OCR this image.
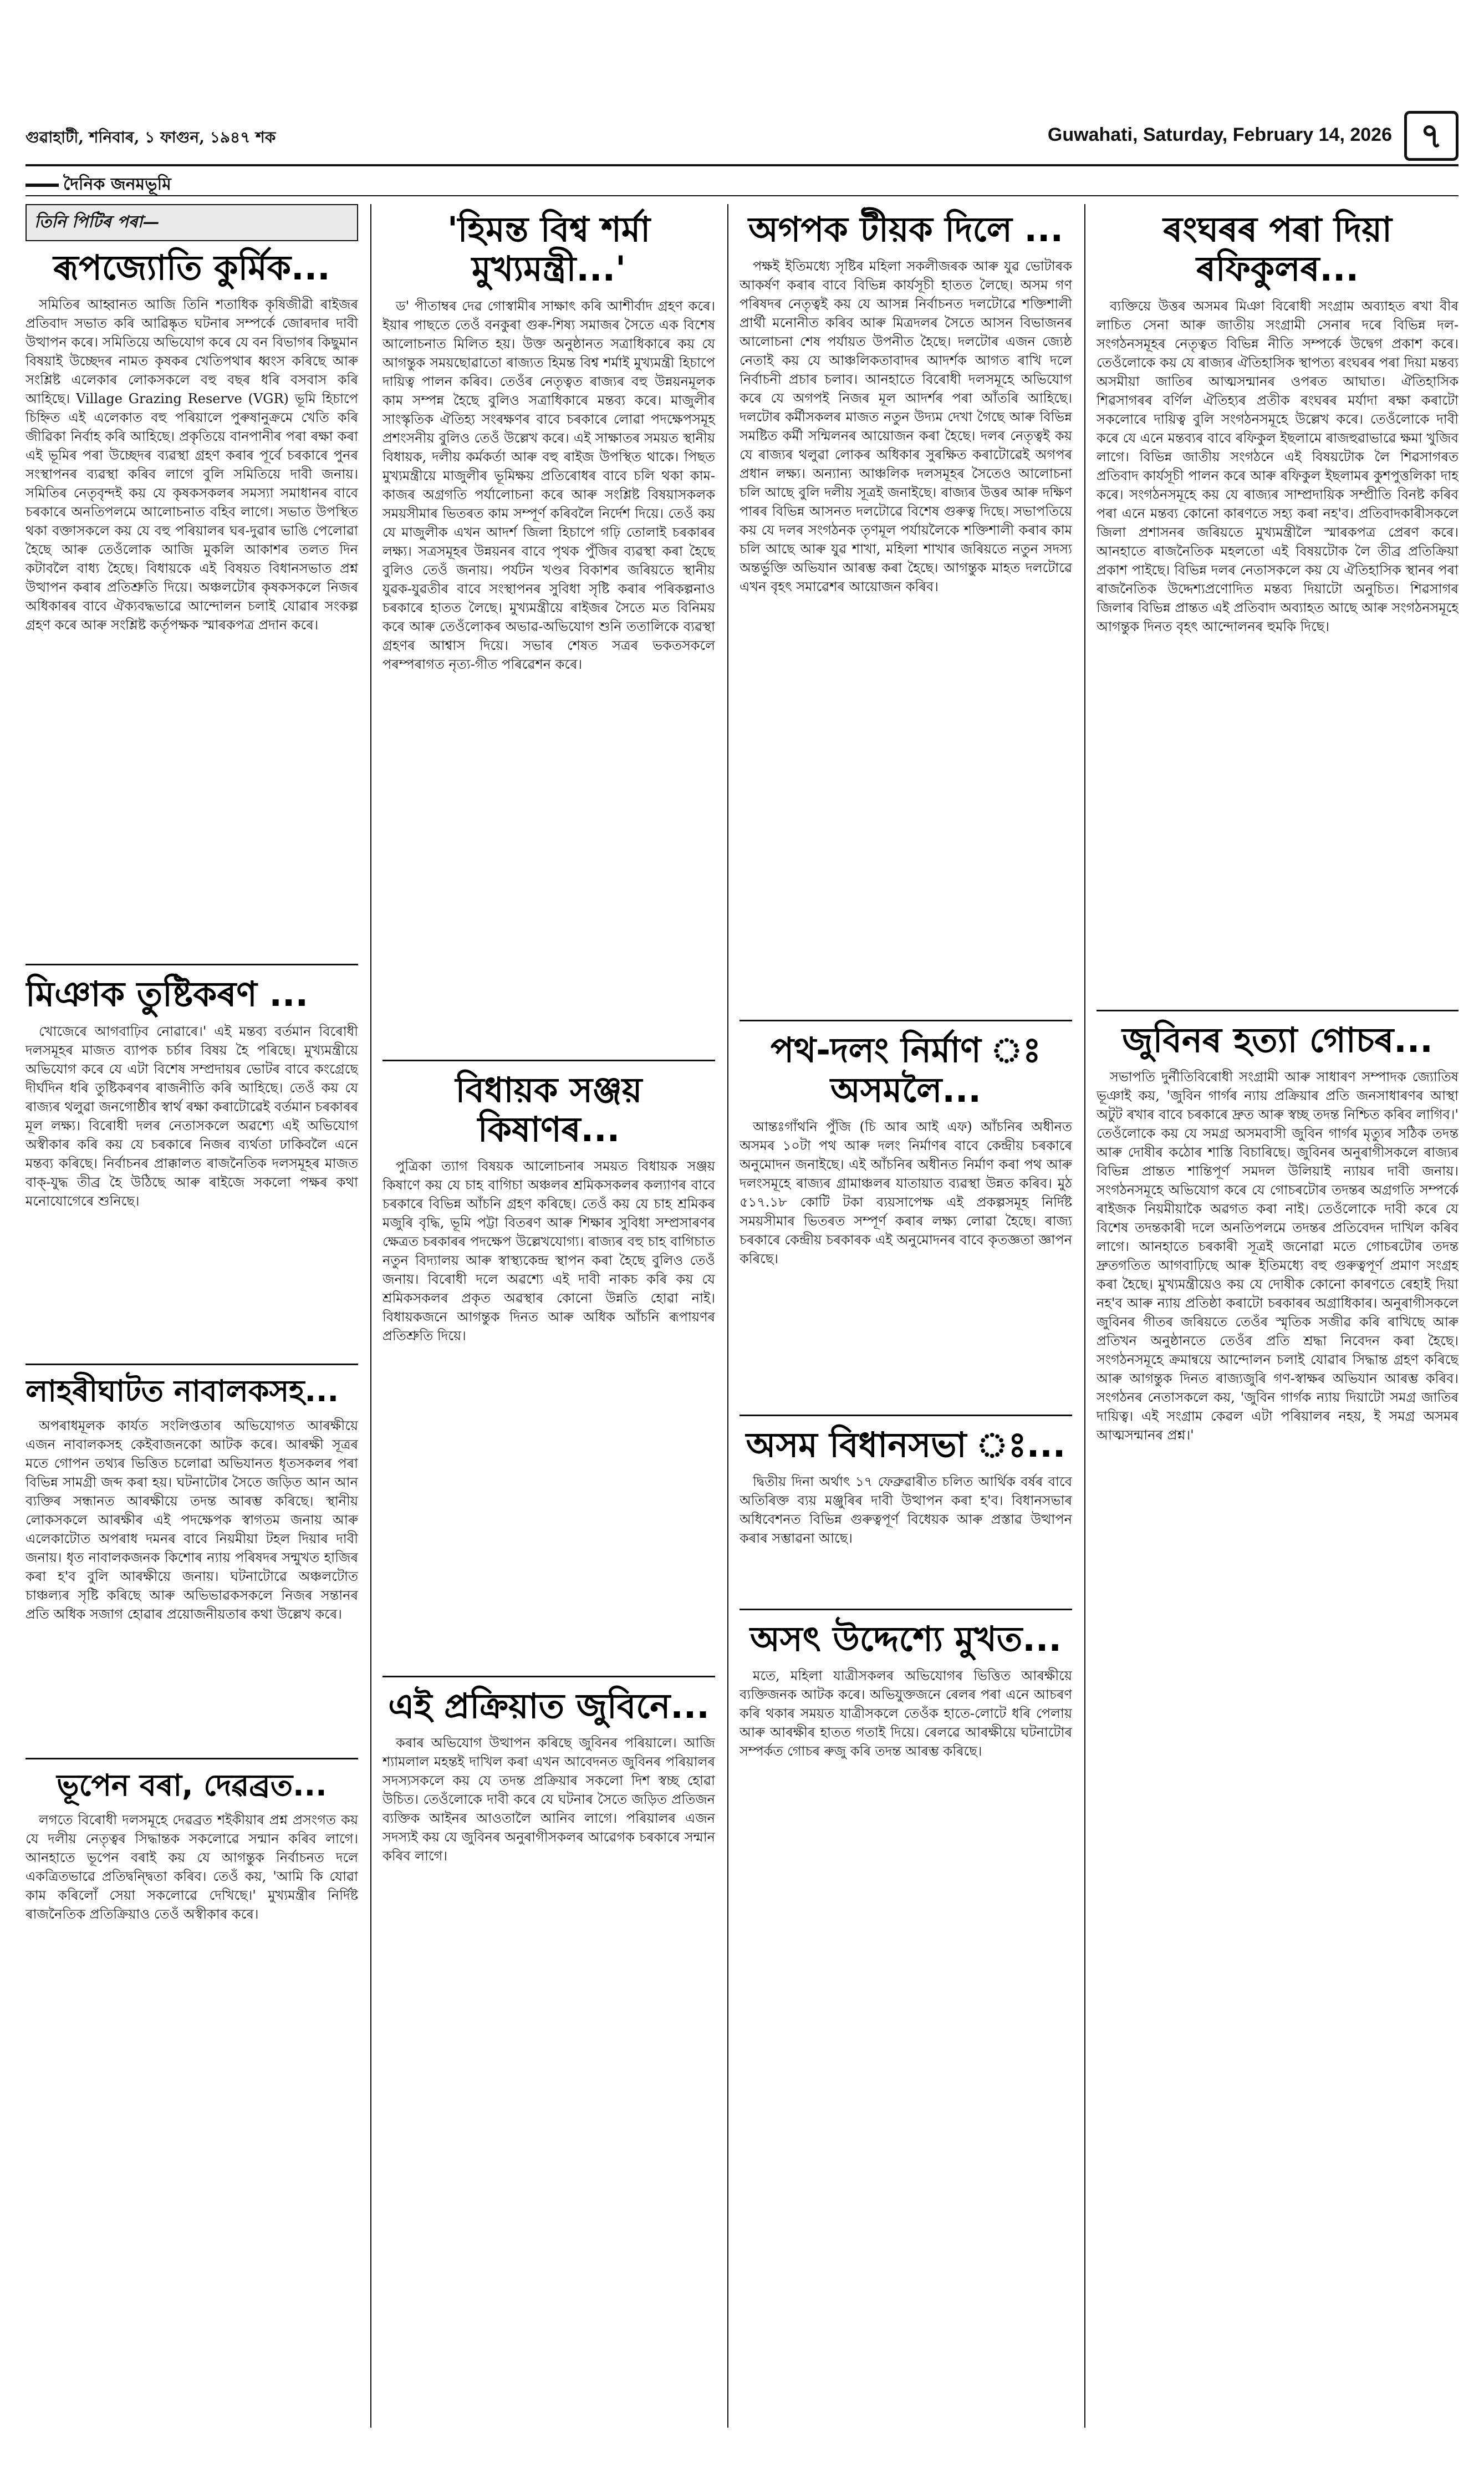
গুৱাহাটী, শনিবাৰ, ১ ফাগুন, ১৯৪৭ শক	Guwahati, Saturday, February 14, 2026 ৭
দৈনিক জনমভূমি
তিনি পিটিৰ পৰা—
ৰূপজ্যোতি কুৰ্মিক...

সমিতিৰ আহ্বানত আজি তিনি শতাধিক কৃষিজীৱী ৰাইজৰ প্ৰতিবাদ সভাত কৰি আৱিষ্কৃত ঘটনাৰ সম্পৰ্কে জোৰদাৰ দাবী উত্থাপন কৰে। সমিতিয়ে অভিযোগ কৰে যে বন বিভাগৰ কিছুমান বিষয়াই উচ্ছেদৰ নামত কৃষকৰ খেতিপথাৰ ধ্বংস কৰিছে আৰু সংশ্লিষ্ট এলেকাৰ লোকসকলে বহু বছৰ ধৰি বসবাস কৰি আহিছে। Village Grazing Reserve (VGR) ভূমি হিচাপে চিহ্নিত এই এলেকাত বহু পৰিয়ালে পুৰুষানুক্ৰমে খেতি কৰি জীৱিকা নিৰ্বাহ কৰি আহিছে। প্ৰকৃতিয়ে বানপানীৰ পৰা ৰক্ষা কৰা এই ভূমিৰ পৰা উচ্ছেদৰ ব্যৱস্থা গ্ৰহণ কৰাৰ পূৰ্বে চৰকাৰে পুনৰ সংস্থাপনৰ ব্যৱস্থা কৰিব লাগে বুলি সমিতিয়ে দাবী জনায়। সমিতিৰ নেতৃবৃন্দই কয় যে কৃষকসকলৰ সমস্যা সমাধানৰ বাবে চৰকাৰে অনতিপলমে আলোচনাত বহিব লাগে। সভাত উপস্থিত থকা বক্তাসকলে কয় যে বহু পৰিয়ালৰ ঘৰ-দুৱাৰ ভাঙি পেলোৱা হৈছে আৰু তেওঁলোক আজি মুকলি আকাশৰ তলত দিন কটাবলৈ বাধ্য হৈছে। বিধায়কে এই বিষয়ত বিধানসভাত প্ৰশ্ন উত্থাপন কৰাৰ প্ৰতিশ্ৰুতি দিয়ে। অঞ্চলটোৰ কৃষকসকলে নিজৰ অধিকাৰৰ বাবে ঐক্যবদ্ধভাৱে আন্দোলন চলাই যোৱাৰ সংকল্প গ্ৰহণ কৰে আৰু সংশ্লিষ্ট কৰ্তৃপক্ষক স্মাৰকপত্ৰ প্ৰদান কৰে।

মিঞাক তুষ্টিকৰণ ...

খোজেৰে আগবাঢ়িব নোৱাৰে।' এই মন্তব্য বৰ্তমান বিৰোধী দলসমূহৰ মাজত ব্যাপক চৰ্চাৰ বিষয় হৈ পৰিছে। মুখ্যমন্ত্ৰীয়ে অভিযোগ কৰে যে এটা বিশেষ সম্প্ৰদায়ৰ ভোটৰ বাবে কংগ্ৰেছে দীৰ্ঘদিন ধৰি তুষ্টিকৰণৰ ৰাজনীতি কৰি আহিছে। তেওঁ কয় যে ৰাজ্যৰ থলুৱা জনগোষ্ঠীৰ স্বাৰ্থ ৰক্ষা কৰাটোৱেই বৰ্তমান চৰকাৰৰ মূল লক্ষ্য। বিৰোধী দলৰ নেতাসকলে অৱশ্যে এই অভিযোগ অস্বীকাৰ কৰি কয় যে চৰকাৰে নিজৰ ব্যৰ্থতা ঢাকিবলৈ এনে মন্তব্য কৰিছে। নিৰ্বাচনৰ প্ৰাক্কালত ৰাজনৈতিক দলসমূহৰ মাজত বাক্-যুদ্ধ তীব্ৰ হৈ উঠিছে আৰু ৰাইজে সকলো পক্ষৰ কথা মনোযোগেৰে শুনিছে।

লাহৰীঘাটত নাবালকসহ...

অপৰাধমূলক কাৰ্যত সংলিপ্ততাৰ অভিযোগত আৰক্ষীয়ে এজন নাবালকসহ কেইবাজনকো আটক কৰে। আৰক্ষী সূত্ৰৰ মতে গোপন তথ্যৰ ভিত্তিত চলোৱা অভিযানত ধৃতসকলৰ পৰা বিভিন্ন সামগ্ৰী জব্দ কৰা হয়। ঘটনাটোৰ সৈতে জড়িত আন আন ব্যক্তিৰ সন্ধানত আৰক্ষীয়ে তদন্ত আৰম্ভ কৰিছে। স্থানীয় লোকসকলে আৰক্ষীৰ এই পদক্ষেপক স্বাগতম জনায় আৰু এলেকাটোত অপৰাধ দমনৰ বাবে নিয়মীয়া টহল দিয়াৰ দাবী জনায়। ধৃত নাবালকজনক কিশোৰ ন্যায় পৰিষদৰ সন্মুখত হাজিৰ কৰা হ'ব বুলি আৰক্ষীয়ে জনায়। ঘটনাটোৱে অঞ্চলটোত চাঞ্চল্যৰ সৃষ্টি কৰিছে আৰু অভিভাৱকসকলে নিজৰ সন্তানৰ প্ৰতি অধিক সজাগ হোৱাৰ প্ৰয়োজনীয়তাৰ কথা উল্লেখ কৰে।

ভূপেন বৰা, দেৱব্ৰত...

লগতে বিৰোধী দলসমূহে দেৱব্ৰত শইকীয়াৰ প্ৰশ্ন প্ৰসংগত কয় যে দলীয় নেতৃত্বৰ সিদ্ধান্তক সকলোৱে সন্মান কৰিব লাগে। আনহাতে ভূপেন বৰাই কয় যে আগন্তুক নিৰ্বাচনত দলে একত্ৰিতভাৱে প্ৰতিদ্বন্দ্বিতা কৰিব। তেওঁ কয়, 'আমি কি যোৱা কাম কৰিলোঁ সেয়া সকলোৱে দেখিছে।' মুখ্যমন্ত্ৰীৰ নিৰ্দিষ্ট ৰাজনৈতিক প্ৰতিক্ৰিয়াও তেওঁ অস্বীকাৰ কৰে।

'হিমন্ত বিশ্ব শৰ্মা মুখ্যমন্ত্ৰী...'

ড' পীতাম্বৰ দেৱ গোস্বামীৰ সাক্ষাৎ কৰি আশীৰ্বাদ গ্ৰহণ কৰে। ইয়াৰ পাছতে তেওঁ বনকুৰা গুৰু-শিষ্য সমাজৰ সৈতে এক বিশেষ আলোচনাত মিলিত হয়। উক্ত অনুষ্ঠানত সত্ৰাধিকাৰে কয় যে আগন্তুক সময়ছোৱাতো ৰাজ্যত হিমন্ত বিশ্ব শৰ্মাই মুখ্যমন্ত্ৰী হিচাপে দায়িত্ব পালন কৰিব। তেওঁৰ নেতৃত্বত ৰাজ্যৰ বহু উন্নয়নমূলক কাম সম্পন্ন হৈছে বুলিও সত্ৰাধিকাৰে মন্তব্য কৰে। মাজুলীৰ সাংস্কৃতিক ঐতিহ্য সংৰক্ষণৰ বাবে চৰকাৰে লোৱা পদক্ষেপসমূহ প্ৰশংসনীয় বুলিও তেওঁ উল্লেখ কৰে। এই সাক্ষাতৰ সময়ত স্থানীয় বিধায়ক, দলীয় কৰ্মকৰ্তা আৰু বহু ৰাইজ উপস্থিত থাকে। পিছত মুখ্যমন্ত্ৰীয়ে মাজুলীৰ ভূমিক্ষয় প্ৰতিৰোধৰ বাবে চলি থকা কাম-কাজৰ অগ্ৰগতি পৰ্যালোচনা কৰে আৰু সংশ্লিষ্ট বিষয়াসকলক সময়সীমাৰ ভিতৰত কাম সম্পূৰ্ণ কৰিবলৈ নিৰ্দেশ দিয়ে। তেওঁ কয় যে মাজুলীক এখন আদৰ্শ জিলা হিচাপে গঢ়ি তোলাই চৰকাৰৰ লক্ষ্য। সত্ৰসমূহৰ উন্নয়নৰ বাবে পৃথক পুঁজিৰ ব্যৱস্থা কৰা হৈছে বুলিও তেওঁ জনায়। পৰ্যটন খণ্ডৰ বিকাশৰ জৰিয়তে স্থানীয় যুৱক-যুৱতীৰ বাবে সংস্থাপনৰ সুবিধা সৃষ্টি কৰাৰ পৰিকল্পনাও চৰকাৰে হাতত লৈছে। মুখ্যমন্ত্ৰীয়ে ৰাইজৰ সৈতে মত বিনিময় কৰে আৰু তেওঁলোকৰ অভাৱ-অভিযোগ শুনি ততালিকে ব্যৱস্থা গ্ৰহণৰ আশ্বাস দিয়ে। সভাৰ শেষত সত্ৰৰ ভকতসকলে পৰম্পৰাগত নৃত্য-গীত পৰিৱেশন কৰে।

বিধায়ক সঞ্জয় কিষাণৰ...

পুত্ৰিকা ত্যাগ বিষয়ক আলোচনাৰ সময়ত বিধায়ক সঞ্জয় কিষাণে কয় যে চাহ বাগিচা অঞ্চলৰ শ্ৰমিকসকলৰ কল্যাণৰ বাবে চৰকাৰে বিভিন্ন আঁচনি গ্ৰহণ কৰিছে। তেওঁ কয় যে চাহ শ্ৰমিকৰ মজুৰি বৃদ্ধি, ভূমি পট্টা বিতৰণ আৰু শিক্ষাৰ সুবিধা সম্প্ৰসাৰণৰ ক্ষেত্ৰত চৰকাৰৰ পদক্ষেপ উল্লেখযোগ্য। ৰাজ্যৰ বহু চাহ বাগিচাত নতুন বিদ্যালয় আৰু স্বাস্থ্যকেন্দ্ৰ স্থাপন কৰা হৈছে বুলিও তেওঁ জনায়। বিৰোধী দলে অৱশ্যে এই দাবী নাকচ কৰি কয় যে শ্ৰমিকসকলৰ প্ৰকৃত অৱস্থাৰ কোনো উন্নতি হোৱা নাই। বিধায়কজনে আগন্তুক দিনত আৰু অধিক আঁচনি ৰূপায়ণৰ প্ৰতিশ্ৰুতি দিয়ে।

এই প্ৰক্ৰিয়াত জুবিনে...

কৰাৰ অভিযোগ উত্থাপন কৰিছে জুবিনৰ পৰিয়ালে। আজি শ্যামলাল মহন্তই দাখিল কৰা এখন আবেদনত জুবিনৰ পৰিয়ালৰ সদস্যসকলে কয় যে তদন্ত প্ৰক্ৰিয়াৰ সকলো দিশ স্বচ্ছ হোৱা উচিত। তেওঁলোকে দাবী কৰে যে ঘটনাৰ সৈতে জড়িত প্ৰতিজন ব্যক্তিক আইনৰ আওতালৈ আনিব লাগে। পৰিয়ালৰ এজন সদস্যই কয় যে জুবিনৰ অনুৰাগীসকলৰ আৱেগক চৰকাৰে সন্মান কৰিব লাগে।

অগপক টীয়ক দিলে ...

পক্ষই ইতিমধ্যে সৃষ্টিৰ মহিলা সকলীজৰক আৰু যুৱ ভোটাৰক আকৰ্ষণ কৰাৰ বাবে বিভিন্ন কাৰ্যসূচী হাতত লৈছে। অসম গণ পৰিষদৰ নেতৃত্বই কয় যে আসন্ন নিৰ্বাচনত দলটোৱে শক্তিশালী প্ৰাৰ্থী মনোনীত কৰিব আৰু মিত্ৰদলৰ সৈতে আসন বিভাজনৰ আলোচনা শেষ পৰ্যায়ত উপনীত হৈছে। দলটোৰ এজন জ্যেষ্ঠ নেতাই কয় যে আঞ্চলিকতাবাদৰ আদৰ্শক আগত ৰাখি দলে নিৰ্বাচনী প্ৰচাৰ চলাব। আনহাতে বিৰোধী দলসমূহে অভিযোগ কৰে যে অগপই নিজৰ মূল আদৰ্শৰ পৰা আঁতৰি আহিছে। দলটোৰ কৰ্মীসকলৰ মাজত নতুন উদ্যম দেখা গৈছে আৰু বিভিন্ন সমষ্টিত কৰ্মী সন্মিলনৰ আয়োজন কৰা হৈছে। দলৰ নেতৃত্বই কয় যে ৰাজ্যৰ থলুৱা লোকৰ অধিকাৰ সুৰক্ষিত কৰাটোৱেই অগপৰ প্ৰধান লক্ষ্য। অন্যান্য আঞ্চলিক দলসমূহৰ সৈতেও আলোচনা চলি আছে বুলি দলীয় সূত্ৰই জনাইছে। ৰাজ্যৰ উত্তৰ আৰু দক্ষিণ পাৰৰ বিভিন্ন আসনত দলটোৱে বিশেষ গুৰুত্ব দিছে। সভাপতিয়ে কয় যে দলৰ সংগঠনক তৃণমূল পৰ্যায়লৈকে শক্তিশালী কৰাৰ কাম চলি আছে আৰু যুৱ শাখা, মহিলা শাখাৰ জৰিয়তে নতুন সদস্য অন্তৰ্ভুক্তি অভিযান আৰম্ভ কৰা হৈছে। আগন্তুক মাহত দলটোৱে এখন বৃহৎ সমাৱেশৰ আয়োজন কৰিব।

পথ-দলং নিৰ্মাণ ঃ অসমলৈ...

আন্তঃগাঁথনি পুঁজি (চি আৰ আই এফ) আঁচনিৰ অধীনত অসমৰ ১০টা পথ আৰু দলং নিৰ্মাণৰ বাবে কেন্দ্ৰীয় চৰকাৰে অনুমোদন জনাইছে। এই আঁচনিৰ অধীনত নিৰ্মাণ কৰা পথ আৰু দলংসমূহে ৰাজ্যৰ গ্ৰামাঞ্চলৰ যাতায়াত ব্যৱস্থা উন্নত কৰিব। মুঠ ৫১৭.১৮ কোটি টকা ব্যয়সাপেক্ষ এই প্ৰকল্পসমূহ নিৰ্দিষ্ট সময়সীমাৰ ভিতৰত সম্পূৰ্ণ কৰাৰ লক্ষ্য লোৱা হৈছে। ৰাজ্য চৰকাৰে কেন্দ্ৰীয় চৰকাৰক এই অনুমোদনৰ বাবে কৃতজ্ঞতা জ্ঞাপন কৰিছে।

অসম বিধানসভা ঃ...

দ্বিতীয় দিনা অৰ্থাৎ ১৭ ফেব্ৰুৱাৰীত চলিত আৰ্থিক বৰ্ষৰ বাবে অতিৰিক্ত ব্যয় মঞ্জুৰিৰ দাবী উত্থাপন কৰা হ'ব। বিধানসভাৰ অধিবেশনত বিভিন্ন গুৰুত্বপূৰ্ণ বিধেয়ক আৰু প্ৰস্তাৱ উত্থাপন কৰাৰ সম্ভাৱনা আছে।

অসৎ উদ্দেশ্যে মুখত...

মতে, মহিলা যাত্ৰীসকলৰ অভিযোগৰ ভিত্তিত আৰক্ষীয়ে ব্যক্তিজনক আটক কৰে। অভিযুক্তজনে ৰেলৰ পৰা এনে আচৰণ কৰি থকাৰ সময়ত যাত্ৰীসকলে তেওঁক হাতে-লোটে ধৰি পেলায় আৰু আৰক্ষীৰ হাতত গতাই দিয়ে। ৰেলৱে আৰক্ষীয়ে ঘটনাটোৰ সম্পৰ্কত গোচৰ ৰুজু কৰি তদন্ত আৰম্ভ কৰিছে।

ৰংঘৰৰ পৰা দিয়া ৰফিকুলৰ...

ব্যক্তিয়ে উত্তৰ অসমৰ মিঞা বিৰোধী সংগ্ৰাম অব্যাহত ৰখা বীৰ লাচিত সেনা আৰু জাতীয় সংগ্ৰামী সেনাৰ দৰে বিভিন্ন দল-সংগঠনসমূহৰ নেতৃত্বত বিভিন্ন নীতি সম্পৰ্কে উদ্বেগ প্ৰকাশ কৰে। তেওঁলোকে কয় যে ৰাজ্যৰ ঐতিহাসিক স্থাপত্য ৰংঘৰৰ পৰা দিয়া মন্তব্য অসমীয়া জাতিৰ আত্মসন্মানৰ ওপৰত আঘাত। ঐতিহাসিক শিৱসাগৰৰ বৰ্ণিল ঐতিহ্যৰ প্ৰতীক ৰংঘৰৰ মৰ্যাদা ৰক্ষা কৰাটো সকলোৰে দায়িত্ব বুলি সংগঠনসমূহে উল্লেখ কৰে। তেওঁলোকে দাবী কৰে যে এনে মন্তব্যৰ বাবে ৰফিকুল ইছলামে ৰাজহুৱাভাৱে ক্ষমা খুজিব লাগে। বিভিন্ন জাতীয় সংগঠনে এই বিষয়টোক লৈ শিৱসাগৰত প্ৰতিবাদ কাৰ্যসূচী পালন কৰে আৰু ৰফিকুল ইছলামৰ কুশপুত্তলিকা দাহ কৰে। সংগঠনসমূহে কয় যে ৰাজ্যৰ সাম্প্ৰদায়িক সম্প্ৰীতি বিনষ্ট কৰিব পৰা এনে মন্তব্য কোনো কাৰণতে সহ্য কৰা নহ'ব। প্ৰতিবাদকাৰীসকলে জিলা প্ৰশাসনৰ জৰিয়তে মুখ্যমন্ত্ৰীলৈ স্মাৰকপত্ৰ প্ৰেৰণ কৰে। আনহাতে ৰাজনৈতিক মহলতো এই বিষয়টোক লৈ তীব্ৰ প্ৰতিক্ৰিয়া প্ৰকাশ পাইছে। বিভিন্ন দলৰ নেতাসকলে কয় যে ঐতিহাসিক স্থানৰ পৰা ৰাজনৈতিক উদ্দেশ্যপ্ৰণোদিত মন্তব্য দিয়াটো অনুচিত। শিৱসাগৰ জিলাৰ বিভিন্ন প্ৰান্তত এই প্ৰতিবাদ অব্যাহত আছে আৰু সংগঠনসমূহে আগন্তুক দিনত বৃহৎ আন্দোলনৰ হুমকি দিছে।

জুবিনৰ হত্যা গোচৰ...

সভাপতি দুৰ্নীতিবিৰোধী সংগ্ৰামী আৰু সাধাৰণ সম্পাদক জ্যোতিষ ভূঞাই কয়, 'জুবিন গাৰ্গৰ ন্যায় প্ৰক্ৰিয়াৰ প্ৰতি জনসাধাৰণৰ আস্থা অটুট ৰখাৰ বাবে চৰকাৰে দ্ৰুত আৰু স্বচ্ছ তদন্ত নিশ্চিত কৰিব লাগিব।' তেওঁলোকে কয় যে সমগ্ৰ অসমবাসী জুবিন গাৰ্গৰ মৃত্যুৰ সঠিক তদন্ত আৰু দোষীৰ কঠোৰ শাস্তি বিচাৰিছে। জুবিনৰ অনুৰাগীসকলে ৰাজ্যৰ বিভিন্ন প্ৰান্তত শান্তিপূৰ্ণ সমদল উলিয়াই ন্যায়ৰ দাবী জনায়। সংগঠনসমূহে অভিযোগ কৰে যে গোচৰটোৰ তদন্তৰ অগ্ৰগতি সম্পৰ্কে ৰাইজক নিয়মীয়াকৈ অৱগত কৰা নাই। তেওঁলোকে দাবী কৰে যে বিশেষ তদন্তকাৰী দলে অনতিপলমে তদন্তৰ প্ৰতিবেদন দাখিল কৰিব লাগে। আনহাতে চৰকাৰী সূত্ৰই জনোৱা মতে গোচৰটোৰ তদন্ত দ্ৰুতগতিত আগবাঢ়িছে আৰু ইতিমধ্যে বহু গুৰুত্বপূৰ্ণ প্ৰমাণ সংগ্ৰহ কৰা হৈছে। মুখ্যমন্ত্ৰীয়েও কয় যে দোষীক কোনো কাৰণতে ৰেহাই দিয়া নহ'ব আৰু ন্যায় প্ৰতিষ্ঠা কৰাটো চৰকাৰৰ অগ্ৰাধিকাৰ। অনুৰাগীসকলে জুবিনৰ গীতৰ জৰিয়তে তেওঁৰ স্মৃতিক সজীৱ কৰি ৰাখিছে আৰু প্ৰতিখন অনুষ্ঠানতে তেওঁৰ প্ৰতি শ্ৰদ্ধা নিবেদন কৰা হৈছে। সংগঠনসমূহে ক্ৰমান্বয়ে আন্দোলন চলাই যোৱাৰ সিদ্ধান্ত গ্ৰহণ কৰিছে আৰু আগন্তুক দিনত ৰাজ্যজুৰি গণ-স্বাক্ষৰ অভিযান আৰম্ভ কৰিব। সংগঠনৰ নেতাসকলে কয়, 'জুবিন গাৰ্গক ন্যায় দিয়াটো সমগ্ৰ জাতিৰ দায়িত্ব। এই সংগ্ৰাম কেৱল এটা পৰিয়ালৰ নহয়, ই সমগ্ৰ অসমৰ আত্মসন্মানৰ প্ৰশ্ন।'
